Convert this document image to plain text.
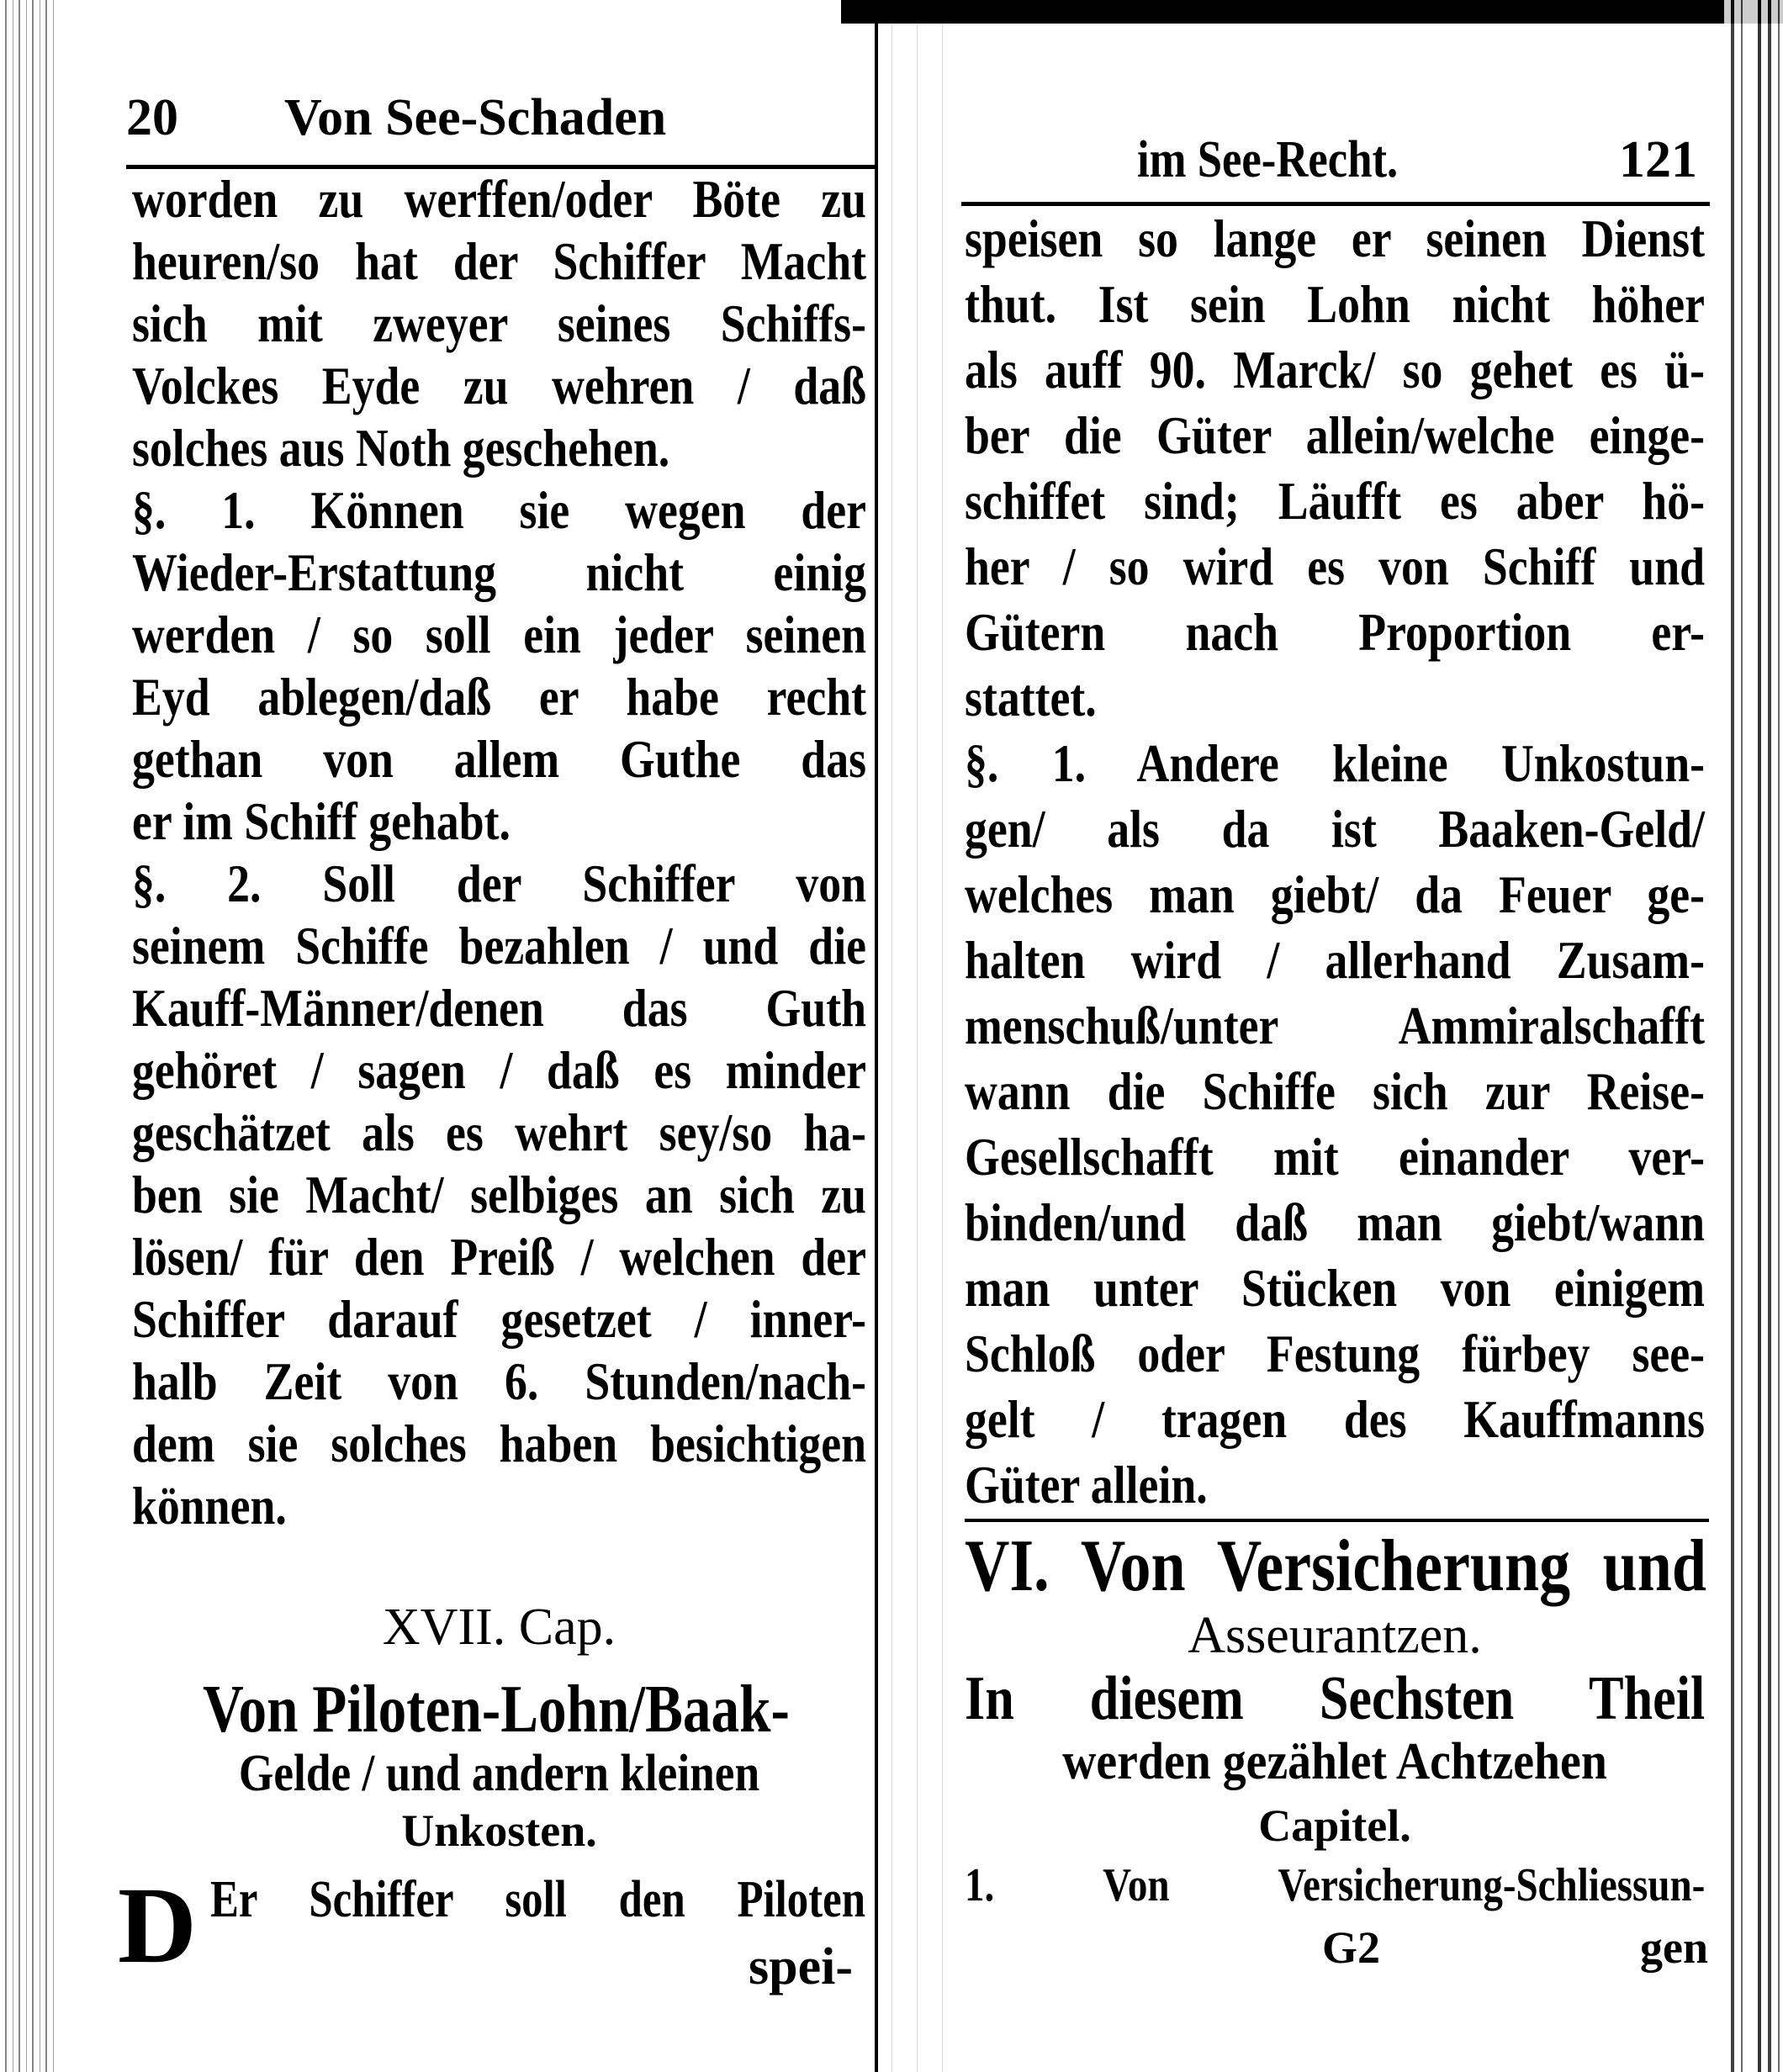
20 Von See-Schaden
worden zu werffen/oder Böte zu
heuren/so hat der Schiffer Macht
sich mit zweyer seines Schiffs-
Volckes Eyde zu wehren / daß
solches aus Noth geschehen.
§. 1. Können sie wegen der
Wieder-Erstattung nicht einig
werden / so soll ein jeder seinen
Eyd ablegen/daß er habe recht
gethan von allem Guthe das
er im Schiff gehabt.
§. 2. Soll der Schiffer von
seinem Schiffe bezahlen / und die
Kauff-Männer/denen das Guth
gehöret / sagen / daß es minder
geschätzet als es wehrt sey/so ha-
ben sie Macht/ selbiges an sich zu
lösen/ für den Preiß / welchen der
Schiffer darauf gesetzet / inner-
halb Zeit von 6. Stunden/nach-
dem sie solches haben besichtigen
können.
XVII. Cap.
Von Piloten-Lohn/Baak-
Gelde / und andern kleinen
Unkosten.
D Er Schiffer soll den Piloten
spei-
im See-Recht.	121
speisen so lange er seinen Dienst
thut. Ist sein Lohn nicht höher
als auff 90. Marck/ so gehet es ü-
ber die Güter allein/welche einge-
schiffet sind; Läufft es aber hö-
her / so wird es von Schiff und
Gütern nach Proportion er-
stattet.
§. 1. Andere kleine Unkostun-
gen/ als da ist Baaken-Geld/
welches man giebt/ da Feuer ge-
halten wird / allerhand Zusam-
menschuß/unter Ammiralschafft
wann die Schiffe sich zur Reise-
Gesellschafft mit einander ver-
binden/und daß man giebt/wann
man unter Stücken von einigem
Schloß oder Festung fürbey see-
gelt / tragen des Kauffmanns
Güter allein.
VI. Von Versicherung und
Asseurantzen.
In diesem Sechsten Theil
werden gezählet Achtzehen
Capitel.
1. Von Versicherung-Schliessun-
G2	gen
